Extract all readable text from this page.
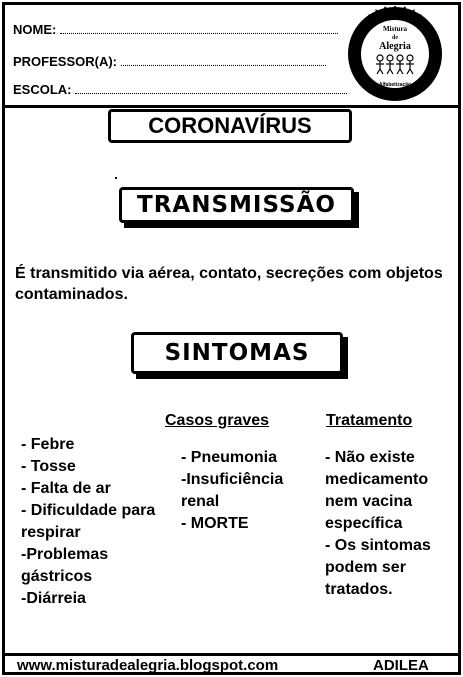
NOME:
PROFESSOR(A):
ESCOLA:
Mistura
de
Alegria
Alfabetização
CORONAVÍRUS
TRANSMISSÃO
É transmitido via aérea, contato, secreções com objetos contaminados.
SINTOMAS
- Febre
- Tosse
- Falta de ar
- Dificuldade para respirar
-Problemas gástricos
-Diárreia
Casos graves
- Pneumonia
-Insuficiência renal
- MORTE
Tratamento
- Não existe medicamento nem vacina específica
- Os sintomas podem ser tratados.
www.misturadealegria.blogspot.com	ADILEA
